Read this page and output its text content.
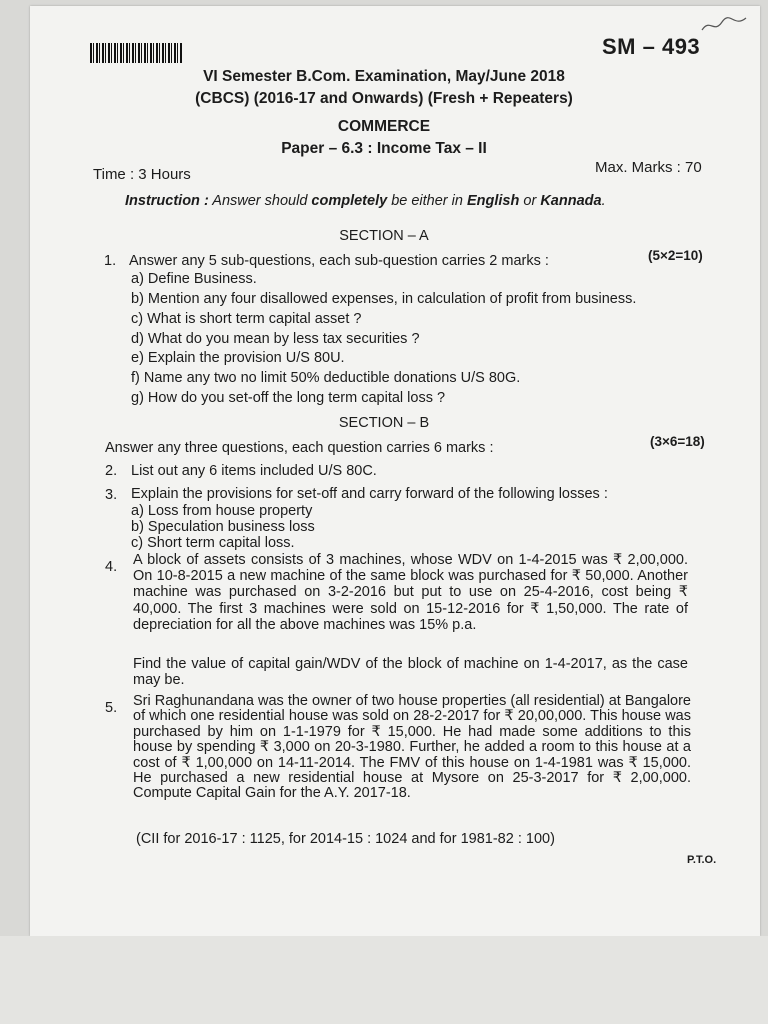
SM – 493
VI Semester B.Com. Examination, May/June 2018
(CBCS) (2016-17 and Onwards) (Fresh + Repeaters)
COMMERCE
Paper – 6.3 : Income Tax – II
Time : 3 Hours	Max. Marks : 70
Instruction : Answer should completely be either in English or Kannada.
SECTION – A
1. Answer any 5 sub-questions, each sub-question carries 2 marks :	(5×2=10)
a) Define Business.
b) Mention any four disallowed expenses, in calculation of profit from business.
c) What is short term capital asset ?
d) What do you mean by less tax securities ?
e) Explain the provision U/S 80U.
f) Name any two no limit 50% deductible donations U/S 80G.
g) How do you set-off the long term capital loss ?
SECTION – B
Answer any three questions, each question carries 6 marks :	(3×6=18)
2. List out any 6 items included U/S 80C.
3. Explain the provisions for set-off and carry forward of the following losses :
a) Loss from house property
b) Speculation business loss
c) Short term capital loss.
4. A block of assets consists of 3 machines, whose WDV on 1-4-2015 was ₹ 2,00,000. On 10-8-2015 a new machine of the same block was purchased for ₹ 50,000. Another machine was purchased on 3-2-2016 but put to use on 25-4-2016, cost being ₹ 40,000. The first 3 machines were sold on 15-12-2016 for ₹ 1,50,000. The rate of depreciation for all the above machines was 15% p.a.
Find the value of capital gain/WDV of the block of machine on 1-4-2017, as the case may be.
5. Sri Raghunandana was the owner of two house properties (all residential) at Bangalore of which one residential house was sold on 28-2-2017 for ₹ 20,00,000. This house was purchased by him on 1-1-1979 for ₹ 15,000. He had made some additions to this house by spending ₹ 3,000 on 20-3-1980. Further, he added a room to this house at a cost of ₹ 1,00,000 on 14-11-2014. The FMV of this house on 1-4-1981 was ₹ 15,000. He purchased a new residential house at Mysore on 25-3-2017 for ₹ 2,00,000. Compute Capital Gain for the A.Y. 2017-18.
(CII for 2016-17 : 1125, for 2014-15 : 1024 and for 1981-82 : 100)
P.T.O.
